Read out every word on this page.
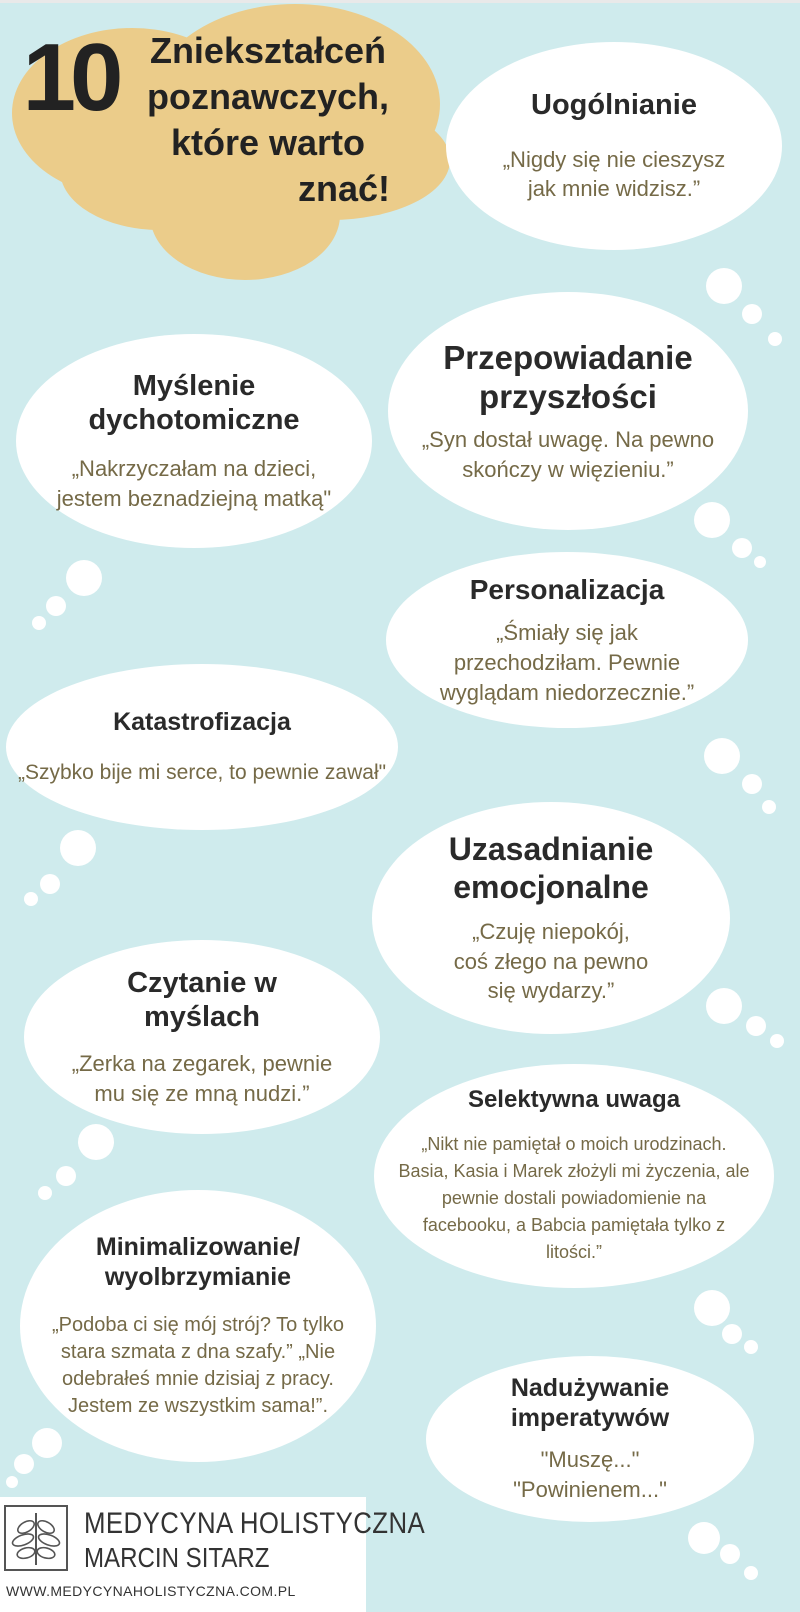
10 Zniekształceń
poznawczych,
które warto
znać!
Uogólnianie
„Nigdy się nie cieszysz jak mnie widzisz.”
Przepowiadanie przyszłości
„Syn dostał uwagę. Na pewno skończy w więzieniu.”
Myślenie dychotomiczne
„Nakrzyczałam na dzieci, jestem beznadziejną matką"
Personalizacja
„Śmiały się jak przechodziłam. Pewnie wyglądam niedorzecznie.”
Katastrofizacja
„Szybko bije mi serce, to pewnie zawał"
Uzasadnianie emocjonalne
„Czuję niepokój, coś złego na pewno się wydarzy.”
Czytanie w myślach
„Zerka na zegarek, pewnie mu się ze mną nudzi.”	Selektywna uwaga
„Nikt nie pamiętał o moich urodzinach. Basia, Kasia i Marek złożyli mi życzenia, ale pewnie dostali powiadomienie na facebooku, a Babcia pamiętała tylko z litości.”
Minimalizowanie/ wyolbrzymianie
„Podoba ci się mój strój? To tylko stara szmata z dna szafy.” „Nie odebrałeś mnie dzisiaj z pracy. Jestem ze wszystkim sama!”.
Nadużywanie imperatywów
"Muszę..." "Powinienem..."
MEDYCYNA HOLISTYCZNA
MARCIN SITARZ
WWW.MEDYCYNAHOLISTYCZNA.COM.PL
